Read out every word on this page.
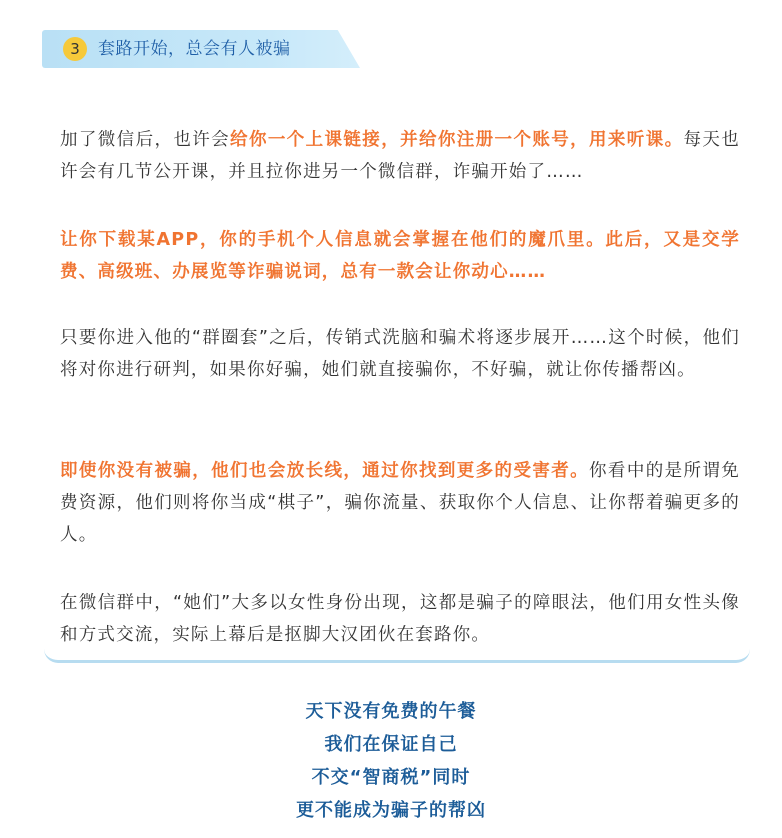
3	套路开始，总会有人被骗

加了微信后，也许会给你一个上课链接，并给你注册一个账号，用来听课。每天也许会有几节公开课，并且拉你进另一个微信群，诈骗开始了……

让你下载某APP，你的手机个人信息就会掌握在他们的魔爪里。此后，又是交学费、高级班、办展览等诈骗说词，总有一款会让你动心……

只要你进入他的“群圈套”之后，传销式洗脑和骗术将逐步展开……这个时候，他们将对你进行研判，如果你好骗，她们就直接骗你，不好骗，就让你传播帮凶。

即使你没有被骗，他们也会放长线，通过你找到更多的受害者。你看中的是所谓免费资源，他们则将你当成“棋子”，骗你流量、获取你个人信息、让你帮着骗更多的人。

在微信群中，“她们”大多以女性身份出现，这都是骗子的障眼法，他们用女性头像和方式交流，实际上幕后是抠脚大汉团伙在套路你。

天下没有免费的午餐
我们在保证自己
不交“智商税”同时
更不能成为骗子的帮凶
